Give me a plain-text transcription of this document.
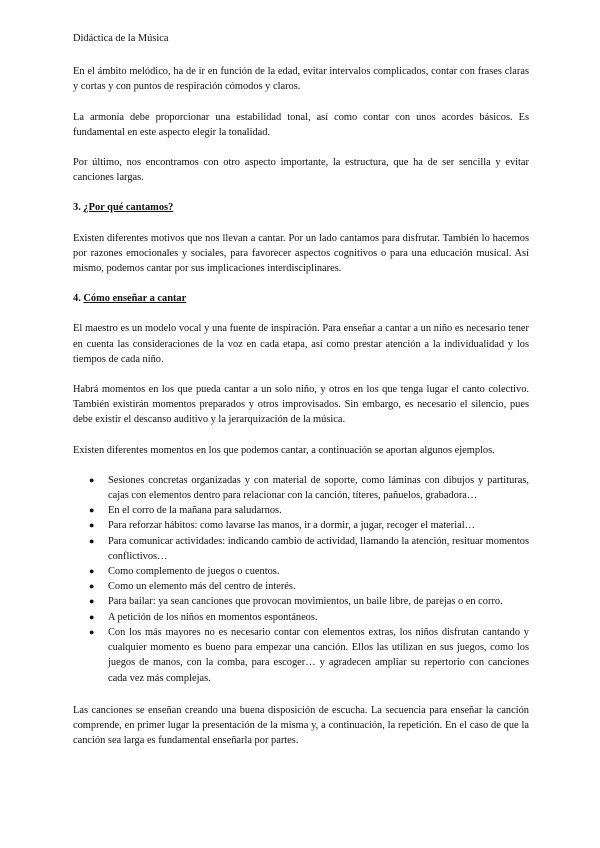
Didáctica de la Música

En el ámbito melódico, ha de ir en función de la edad, evitar intervalos complicados, contar con frases claras y cortas y con puntos de respiración cómodos y claros.

La armonía debe proporcionar una estabilidad tonal, así como contar con unos acordes básicos. Es fundamental en este aspecto elegir la tonalidad.

Por último, nos encontramos con otro aspecto importante, la estructura, que ha de ser sencilla y evitar canciones largas.

3. ¿Por qué cantamos?

Existen diferentes motivos que nos llevan a cantar. Por un lado cantamos para disfrutar. También lo hacemos por razones emocionales y sociales, para favorecer aspectos cognitivos o para una educación musical. Así mismo, podemos cantar por sus implicaciones interdisciplinares.

4. Cómo enseñar a cantar

El maestro es un modelo vocal y una fuente de inspiración. Para enseñar a cantar a un niño es necesario tener en cuenta las consideraciones de la voz en cada etapa, así como prestar atención a la individualidad y los tiempos de cada niño.

Habrá momentos en los que pueda cantar a un solo niño, y otros en los que tenga lugar el canto colectivo. También existirán momentos preparados y otros improvisados. Sin embargo, es necesario el silencio, pues debe existir el descanso auditivo y la jerarquización de la música.

Existen diferentes momentos en los que podemos cantar, a continuación se aportan algunos ejemplos.

● Sesiones concretas organizadas y con material de soporte, como láminas con dibujos y partituras, cajas con elementos dentro para relacionar con la canción, títeres, pañuelos, grabadora…
● En el corro de la mañana para saludarnos.
● Para reforzar hábitos: como lavarse las manos, ir a dormir, a jugar, recoger el material…
● Para comunicar actividades: indicando cambio de actividad, llamando la atención, resituar momentos conflictivos…
● Como complemento de juegos o cuentos.
● Como un elemento más del centro de interés.
● Para bailar: ya sean canciones que provocan movimientos, un baile libre, de parejas o en corro.
● A petición de los niños en momentos espontáneos.
● Con los más mayores no es necesario contar con elementos extras, los niños disfrutan cantando y cualquier momento es bueno para empezar una canción. Ellos las utilizan en sus juegos, como los juegos de manos, con la comba, para escoger… y agradecen ampliar su repertorio con canciones cada vez más complejas.

Las canciones se enseñan creando una buena disposición de escucha. La secuencia para enseñar la canción comprende, en primer lugar la presentación de la misma y, a continuación, la repetición. En el caso de que la canción sea larga es fundamental enseñarla por partes.
